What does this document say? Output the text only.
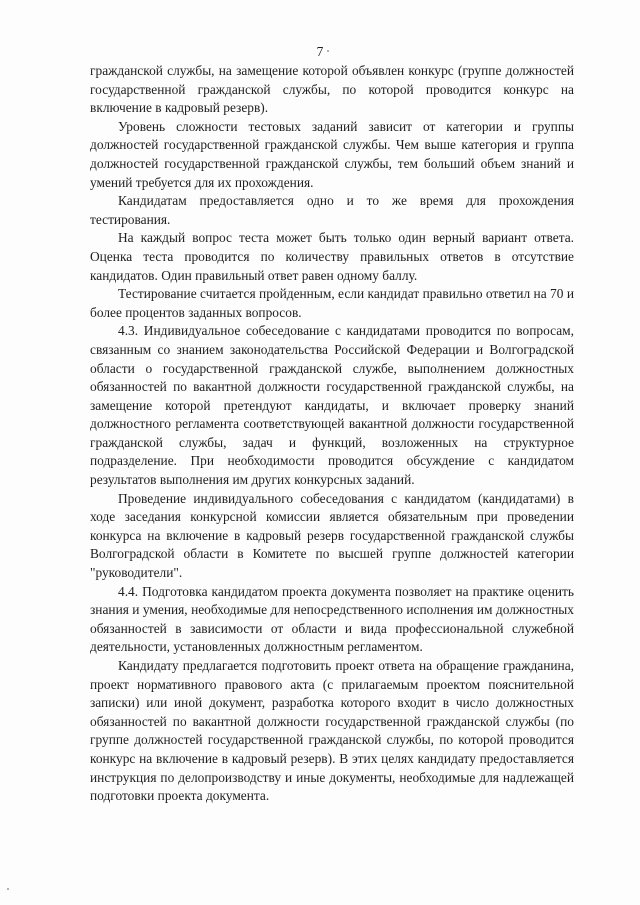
7

гражданской службы, на замещение которой объявлен конкурс (группе должностей государственной гражданской службы, по которой проводится конкурс на включение в кадровый резерв).

Уровень сложности тестовых заданий зависит от категории и группы должностей государственной гражданской службы. Чем выше категория и группа должностей государственной гражданской службы, тем больший объем знаний и умений требуется для их прохождения.

Кандидатам предоставляется одно и то же время для прохождения тестирования.

На каждый вопрос теста может быть только один верный вариант ответа. Оценка теста проводится по количеству правильных ответов в отсутствие кандидатов. Один правильный ответ равен одному баллу.

Тестирование считается пройденным, если кандидат правильно ответил на 70 и более процентов заданных вопросов.

4.3. Индивидуальное собеседование с кандидатами проводится по вопросам, связанным со знанием законодательства Российской Федерации и Волгоградской области о государственной гражданской службе, выполнением должностных обязанностей по вакантной должности государственной гражданской службы, на замещение которой претендуют кандидаты, и включает проверку знаний должностного регламента соответствующей вакантной должности государственной гражданской службы, задач и функций, возложенных на структурное подразделение. При необходимости проводится обсуждение с кандидатом результатов выполнения им других конкурсных заданий.

Проведение индивидуального собеседования с кандидатом (кандидатами) в ходе заседания конкурсной комиссии является обязательным при проведении конкурса на включение в кадровый резерв государственной гражданской службы Волгоградской области в Комитете по высшей группе должностей категории "руководители".

4.4. Подготовка кандидатом проекта документа позволяет на практике оценить знания и умения, необходимые для непосредственного исполнения им должностных обязанностей в зависимости от области и вида профессиональной служебной деятельности, установленных должностным регламентом.

Кандидату предлагается подготовить проект ответа на обращение гражданина, проект нормативного правового акта (с прилагаемым проектом пояснительной записки) или иной документ, разработка которого входит в число должностных обязанностей по вакантной должности государственной гражданской службы (по группе должностей государственной гражданской службы, по которой проводится конкурс на включение в кадровый резерв). В этих целях кандидату предоставляется инструкция по делопроизводству и иные документы, необходимые для надлежащей подготовки проекта документа.
